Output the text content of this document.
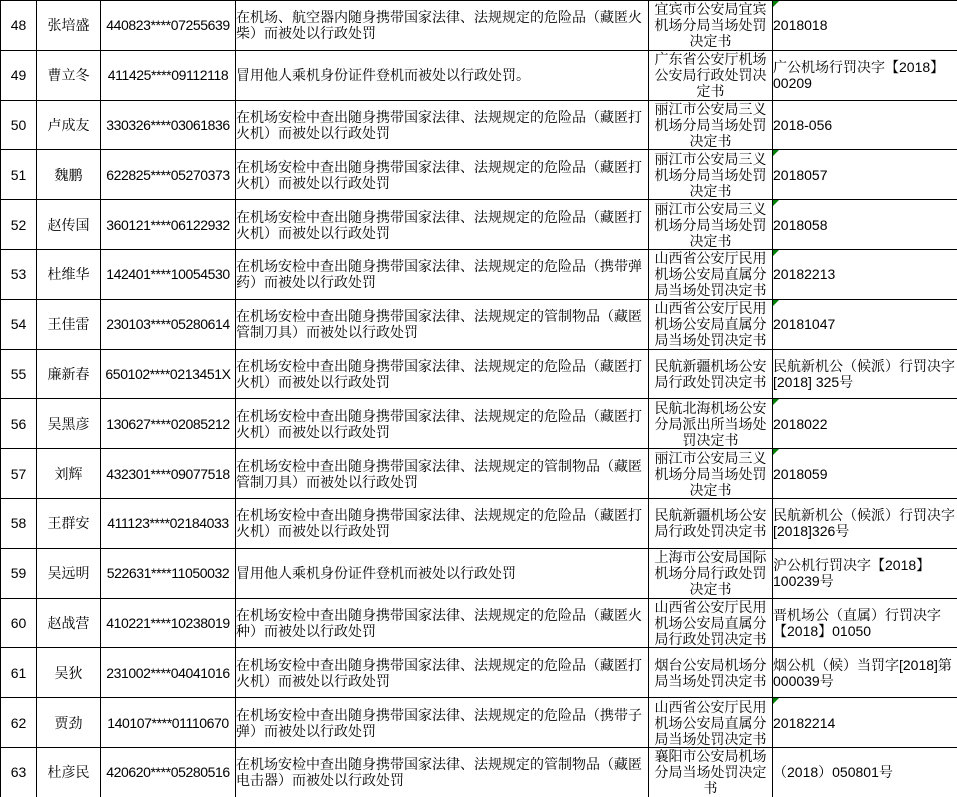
48	张培盛	440823****07255639	在机场、航空器内随身携带国家法律、法规规定的危险品（藏匿火柴）而被处以行政处罚	宜宾市公安局宜宾机场分局当场处罚决定书	2018018
49	曹立冬	411425****09112118	冒用他人乘机身份证件登机而被处以行政处罚。	广东省公安厅机场公安局行政处罚决定书	广公机场行罚决字【2018】00209
50	卢成友	330326****03061836	在机场安检中查出随身携带国家法律、法规规定的危险品（藏匿打火机）而被处以行政处罚	丽江市公安局三义机场分局当场处罚决定书	2018-056
51	魏鹏	622825****05270373	在机场安检中查出随身携带国家法律、法规规定的危险品（藏匿打火机）而被处以行政处罚	丽江市公安局三义机场分局当场处罚决定书	2018057
52	赵传国	360121****06122932	在机场安检中查出随身携带国家法律、法规规定的危险品（藏匿打火机）而被处以行政处罚	丽江市公安局三义机场分局当场处罚决定书	2018058
53	杜维华	142401****10054530	在机场安检中查出随身携带国家法律、法规规定的危险品（携带弹药）而被处以行政处罚	山西省公安厅民用机场公安局直属分局当场处罚决定书	20182213
54	王佳雷	230103****05280614	在机场安检中查出随身携带国家法律、法规规定的管制物品（藏匿管制刀具）而被处以行政处罚	山西省公安厅民用机场公安局直属分局当场处罚决定书	20181047
55	廉新春	650102****0213451X	在机场安检中查出随身携带国家法律、法规规定的危险品（藏匿打火机）而被处以行政处罚	民航新疆机场公安局行政处罚决定书	民航新机公（候派）行罚决字[2018] 325号
56	吴黑彦	130627****02085212	在机场安检中查出随身携带国家法律、法规规定的危险品（藏匿打火机）而被处以行政处罚	民航北海机场公安分局派出所当场处罚决定书	2018022
57	刘辉	432301****09077518	在机场安检中查出随身携带国家法律、法规规定的管制物品（藏匿管制刀具）而被处以行政处罚	丽江市公安局三义机场分局当场处罚决定书	2018059
58	王群安	411123****02184033	在机场安检中查出随身携带国家法律、法规规定的危险品（藏匿打火机）而被处以行政处罚	民航新疆机场公安局行政处罚决定书	民航新机公（候派）行罚决字[2018]326号
59	吴远明	522631****11050032	冒用他人乘机身份证件登机而被处以行政处罚	上海市公安局国际机场分局行政处罚决定书	沪公机行罚决字【2018】100239号
60	赵战营	410221****10238019	在机场安检中查出随身携带国家法律、法规规定的危险品（藏匿火种）而被处以行政处罚	山西省公安厅民用机场公安局直属分局行政处罚决定书	晋机场公（直属）行罚决字【2018】01050
61	吴狄	231002****04041016	在机场安检中查出随身携带国家法律、法规规定的危险品（藏匿打火机）而被处以行政处罚	烟台公安局机场分局当场处罚决定书	烟公机（候）当罚字[2018]第000039号
62	贾劲	140107****01110670	在机场安检中查出随身携带国家法律、法规规定的危险品（携带子弹）而被处以行政处罚	山西省公安厅民用机场公安局直属分局当场处罚决定书	20182214
63	杜彦民	420620****05280516	在机场安检中查出随身携带国家法律、法规规定的管制物品（藏匿电击器）而被处以行政处罚	襄阳市公安局机场分局当场处罚决定书	（2018）050801号
